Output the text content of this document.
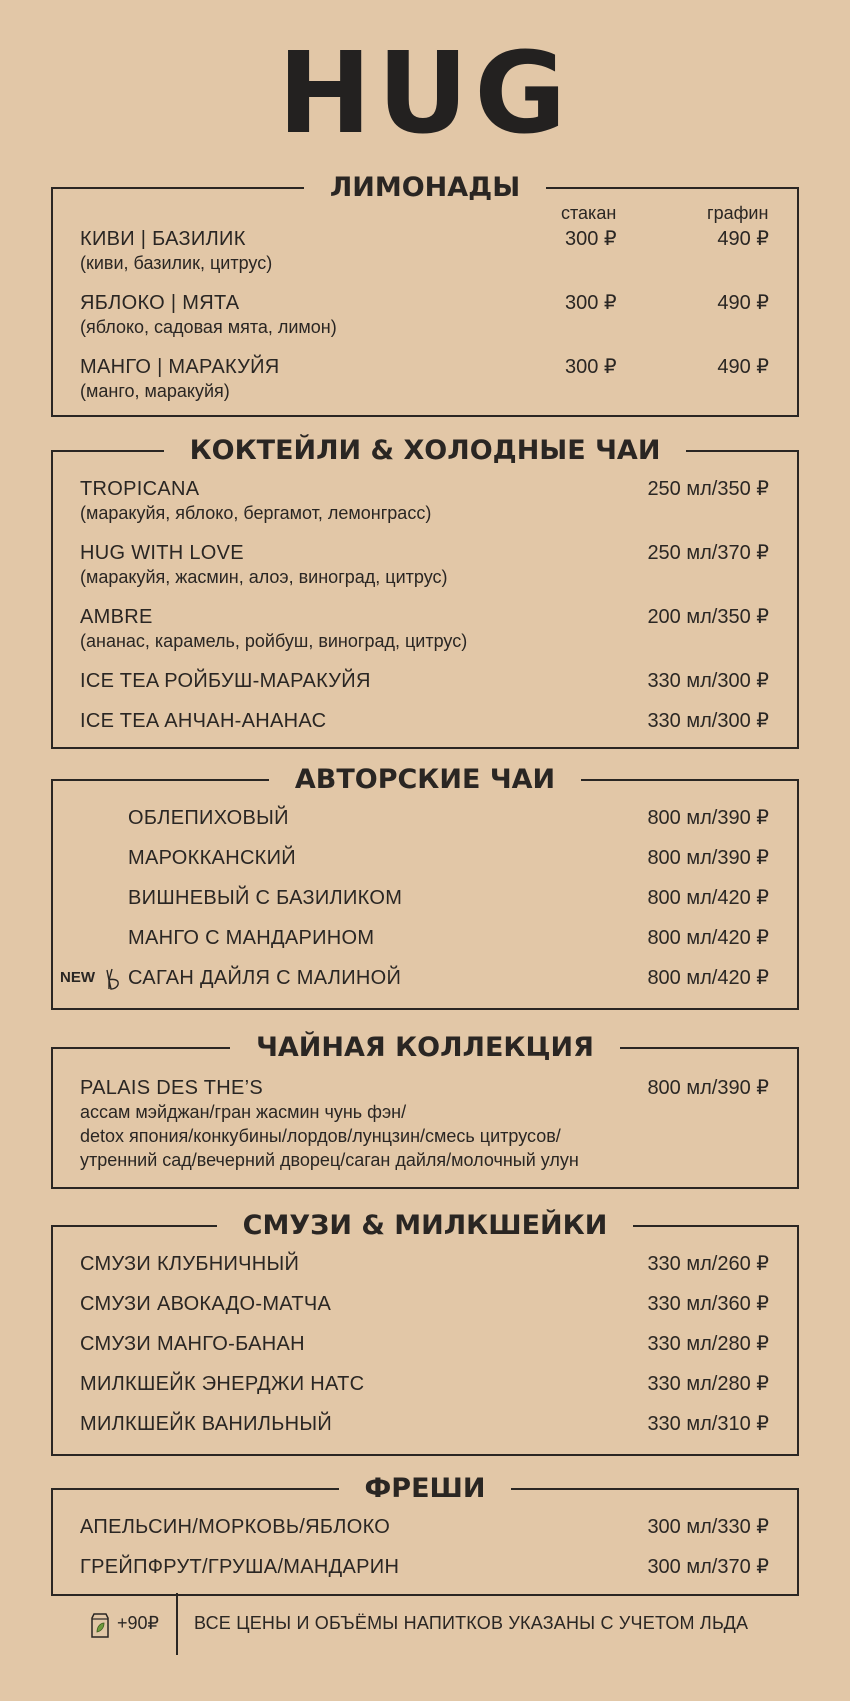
HUG
ЛИМОНАДЫ
стакан	графин
КИВИ | БАЗИЛИК
(киви, базилик, цитрус)
300 ₽	490 ₽
ЯБЛОКО | МЯТА
(яблоко, садовая мята, лимон)
300 ₽	490 ₽
МАНГО | МАРАКУЙЯ
(манго, маракуйя)
300 ₽	490 ₽
КОКТЕЙЛИ & ХОЛОДНЫЕ ЧАИ
TROPICANA
(маракуйя, яблоко, бергамот, лемонграсс)
250 мл/350 ₽
HUG WITH LOVE
(маракуйя, жасмин, алоэ, виноград, цитрус)
250 мл/370 ₽
AMBRE
(ананас, карамель, ройбуш, виноград, цитрус)
200 мл/350 ₽
ICE TEA РОЙБУШ-МАРАКУЙЯ	330 мл/300 ₽
ICE TEA АНЧАН-АНАНАС	330 мл/300 ₽
АВТОРСКИЕ ЧАИ
ОБЛЕПИХОВЫЙ	800 мл/390 ₽
МАРОККАНСКИЙ	800 мл/390 ₽
ВИШНЕВЫЙ С БАЗИЛИКОМ	800 мл/420 ₽
МАНГО С МАНДАРИНОМ	800 мл/420 ₽
NEW	САГАН ДАЙЛЯ С МАЛИНОЙ	800 мл/420 ₽
ЧАЙНАЯ КОЛЛЕКЦИЯ
PALAIS DES THE’S	800 мл/390 ₽
ассам мэйджан/гран жасмин чунь фэн/
detox япония/конкубины/лордов/лунцзин/смесь цитрусов/
утренний сад/вечерний дворец/саган дайля/молочный улун
СМУЗИ & МИЛКШЕЙКИ
СМУЗИ КЛУБНИЧНЫЙ	330 мл/260 ₽
СМУЗИ АВОКАДО-МАТЧА	330 мл/360 ₽
СМУЗИ МАНГО-БАНАН	330 мл/280 ₽
МИЛКШЕЙК ЭНЕРДЖИ НАТС	330 мл/280 ₽
МИЛКШЕЙК ВАНИЛЬНЫЙ	330 мл/310 ₽
ФРЕШИ
АПЕЛЬСИН/МОРКОВЬ/ЯБЛОКО	300 мл/330 ₽
ГРЕЙПФРУТ/ГРУША/МАНДАРИН	300 мл/370 ₽
+90₽ ВСЕ ЦЕНЫ И ОБЪЁМЫ НАПИТКОВ УКАЗАНЫ С УЧЕТОМ ЛЬДА
